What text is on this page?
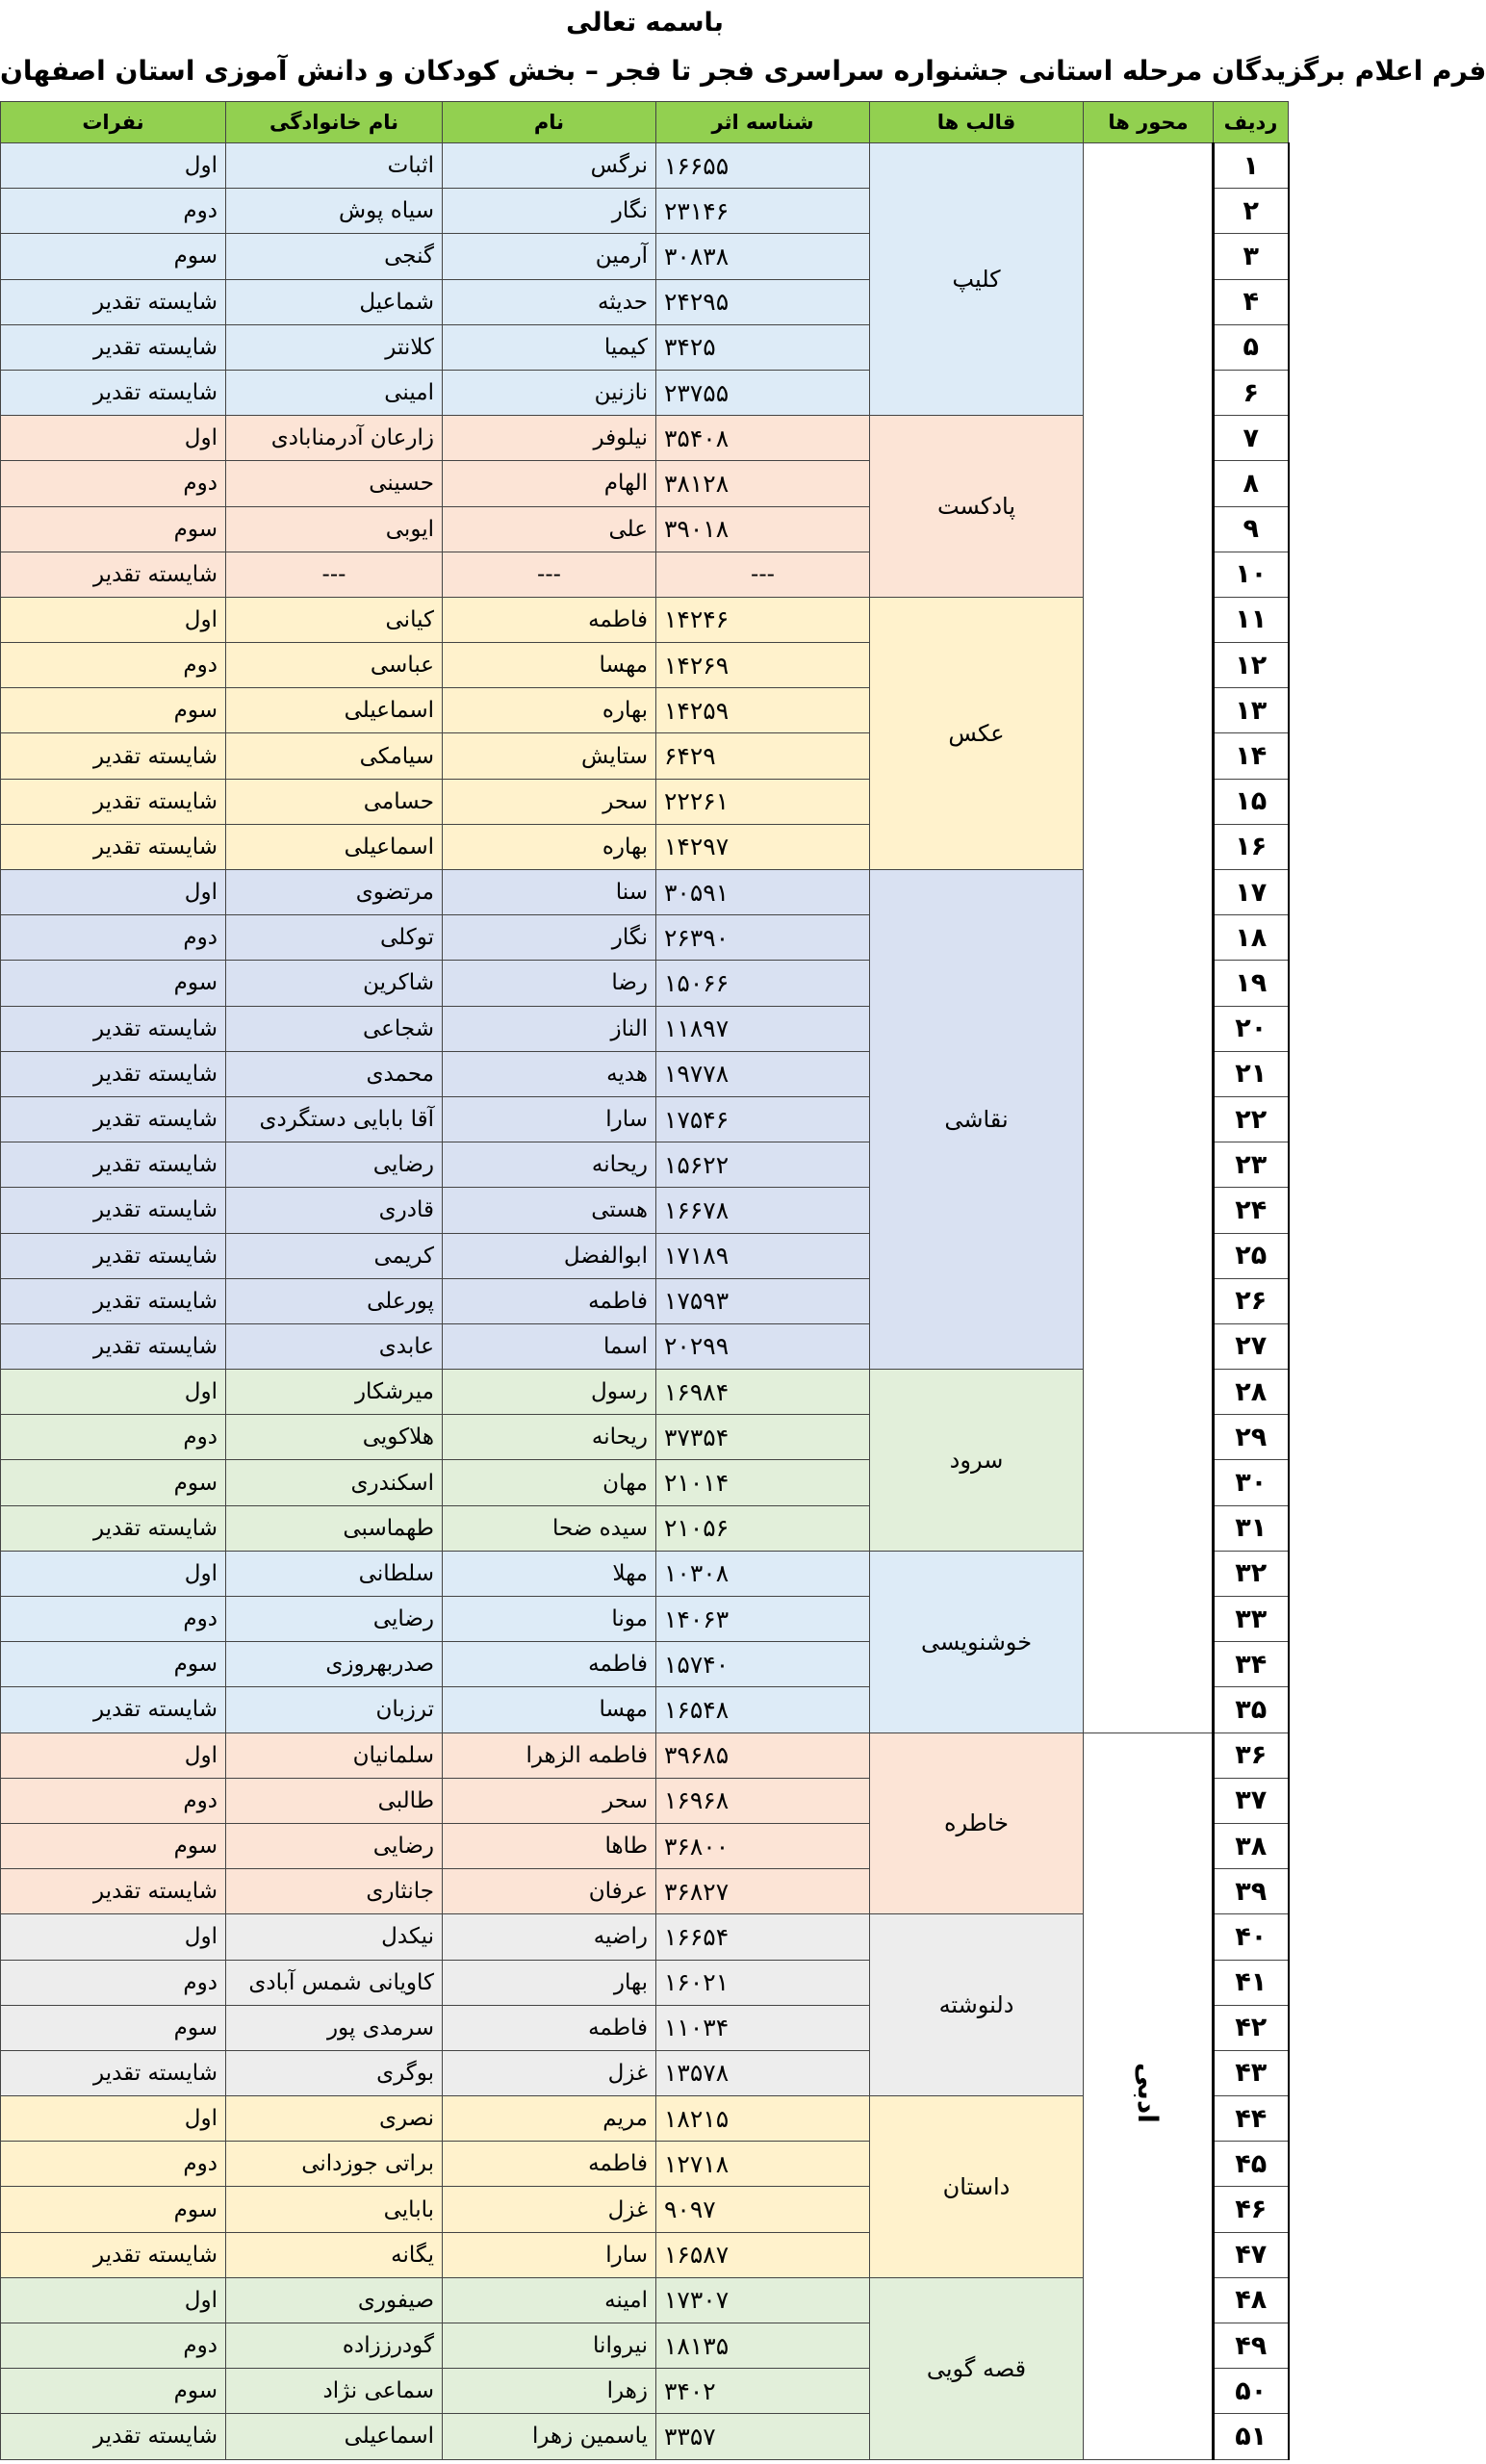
باسمه تعالی
فرم اعلام برگزیدگان مرحله استانی جشنواره سراسری فجر تا فجر – بخش کودکان و دانش آموزی استان اصفهان
ردیف	محور ها	قالب ها	شناسه اثر	نام	نام خانوادگی	نفرات
۱		کلیپ	۱۶۶۵۵	نرگس	اثبات	اول
۲			۲۳۱۴۶	نگار	سیاه پوش	دوم
۳			۳۰۸۳۸	آرمین	گنجی	سوم
۴			۲۴۲۹۵	حدیثه	شماعیل	شایسته تقدیر
۵			۳۴۲۵	کیمیا	کلانتر	شایسته تقدیر
۶			۲۳۷۵۵	نازنین	امینی	شایسته تقدیر
۷		پادکست	۳۵۴۰۸	نیلوفر	زارعان آدرمنابادی	اول
۸			۳۸۱۲۸	الهام	حسینی	دوم
۹			۳۹۰۱۸	علی	ایوبی	سوم
۱۰			---	---	---	شایسته تقدیر
۱۱		عکس	۱۴۲۴۶	فاطمه	کیانی	اول
۱۲			۱۴۲۶۹	مهسا	عباسی	دوم
۱۳			۱۴۲۵۹	بهاره	اسماعیلی	سوم
۱۴			۶۴۲۹	ستایش	سیامکی	شایسته تقدیر
۱۵			۲۲۲۶۱	سحر	حسامی	شایسته تقدیر
۱۶			۱۴۲۹۷	بهاره	اسماعیلی	شایسته تقدیر
۱۷		نقاشی	۳۰۵۹۱	سنا	مرتضوی	اول
۱۸			۲۶۳۹۰	نگار	توکلی	دوم
۱۹			۱۵۰۶۶	رضا	شاکرین	سوم
۲۰			۱۱۸۹۷	الناز	شجاعی	شایسته تقدیر
۲۱			۱۹۷۷۸	هدیه	محمدی	شایسته تقدیر
۲۲			۱۷۵۴۶	سارا	آقا بابایی دستگردی	شایسته تقدیر
۲۳			۱۵۶۲۲	ریحانه	رضایی	شایسته تقدیر
۲۴			۱۶۶۷۸	هستی	قادری	شایسته تقدیر
۲۵			۱۷۱۸۹	ابوالفضل	کریمی	شایسته تقدیر
۲۶			۱۷۵۹۳	فاطمه	پورعلی	شایسته تقدیر
۲۷			۲۰۲۹۹	اسما	عابدی	شایسته تقدیر
۲۸		سرود	۱۶۹۸۴	رسول	میرشکار	اول
۲۹			۳۷۳۵۴	ریحانه	هلاکویی	دوم
۳۰			۲۱۰۱۴	مهان	اسکندری	سوم
۳۱			۲۱۰۵۶	سیده ضحا	طهماسبی	شایسته تقدیر
۳۲		خوشنویسی	۱۰۳۰۸	مهلا	سلطانی	اول
۳۳			۱۴۰۶۳	مونا	رضایی	دوم
۳۴			۱۵۷۴۰	فاطمه	صدربهروزی	سوم
۳۵			۱۶۵۴۸	مهسا	ترزبان	شایسته تقدیر
۳۶	ادبی	خاطره	۳۹۶۸۵	فاطمه الزهرا	سلمانیان	اول
۳۷			۱۶۹۶۸	سحر	طالبی	دوم
۳۸			۳۶۸۰۰	طاها	رضایی	سوم
۳۹			۳۶۸۲۷	عرفان	جانثاری	شایسته تقدیر
۴۰		دلنوشته	۱۶۶۵۴	راضیه	نیکدل	اول
۴۱			۱۶۰۲۱	بهار	کاویانی شمس آبادی	دوم
۴۲			۱۱۰۳۴	فاطمه	سرمدی پور	سوم
۴۳			۱۳۵۷۸	غزل	بوگری	شایسته تقدیر
۴۴		داستان	۱۸۲۱۵	مریم	نصری	اول
۴۵			۱۲۷۱۸	فاطمه	براتی جوزدانی	دوم
۴۶			۹۰۹۷	غزل	بابایی	سوم
۴۷			۱۶۵۸۷	سارا	یگانه	شایسته تقدیر
۴۸		قصه گویی	۱۷۳۰۷	امینه	صیفوری	اول
۴۹			۱۸۱۳۵	نیروانا	گودرززاده	دوم
۵۰			۳۴۰۲	زهرا	سماعی نژاد	سوم
۵۱			۳۳۵۷	یاسمین زهرا	اسماعیلی	شایسته تقدیر
